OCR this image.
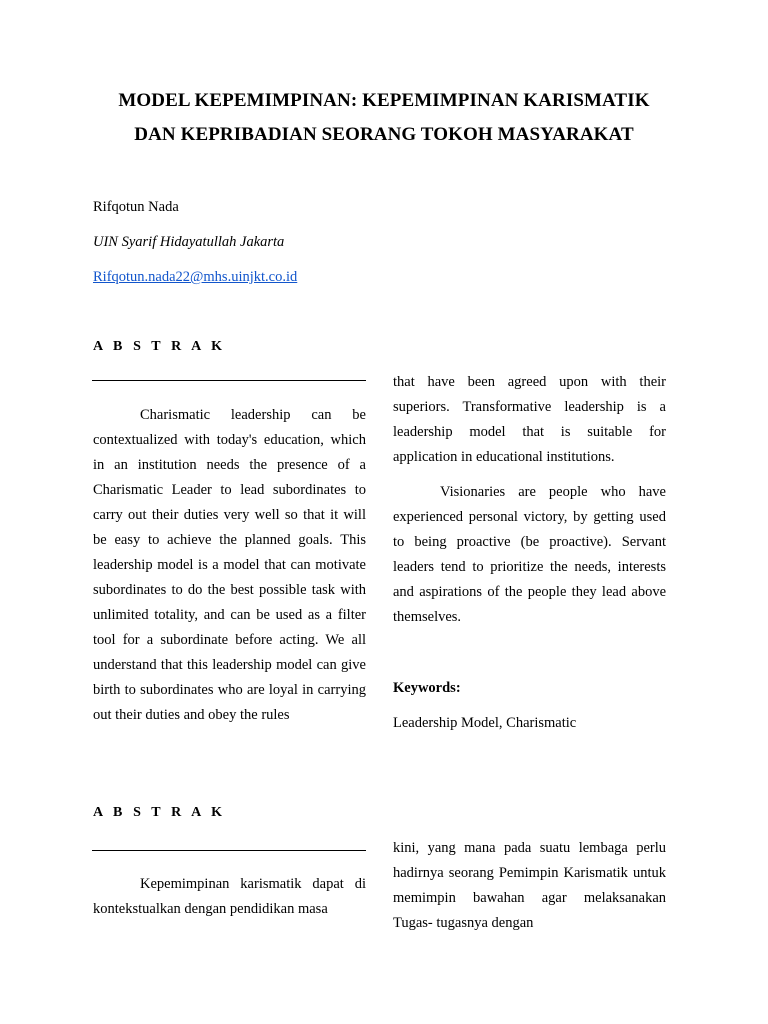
MODEL KEPEMIMPINAN: KEPEMIMPINAN KARISMATIK
DAN KEPRIBADIAN SEORANG TOKOH MASYARAKAT
Rifqotun Nada
UIN Syarif Hidayatullah Jakarta
Rifqotun.nada22@mhs.uinjkt.co.id
A B S T R A K

Charismatic leadership can be contextualized with today's education, which in an institution needs the presence of a Charismatic Leader to lead subordinates to carry out their duties very well so that it will be easy to achieve the planned goals. This leadership model is a model that can motivate subordinates to do the best possible task with unlimited totality, and can be used as a filter tool for a subordinate before acting. We all understand that this leadership model can give birth to subordinates who are loyal in carrying out their duties and obey the rules

that have been agreed upon with their superiors. Transformative leadership is a leadership model that is suitable for application in educational institutions.

Visionaries are people who have experienced personal victory, by getting used to being proactive (be proactive). Servant leaders tend to prioritize the needs, interests and aspirations of the people they lead above themselves.

Keywords:
Leadership Model, Charismatic
A B S T R A K

Kepemimpinan karismatik dapat di kontekstualkan dengan pendidikan masa

kini, yang mana pada suatu lembaga perlu hadirnya seorang Pemimpin Karismatik untuk memimpin bawahan agar melaksanakan Tugas- tugasnya dengan
